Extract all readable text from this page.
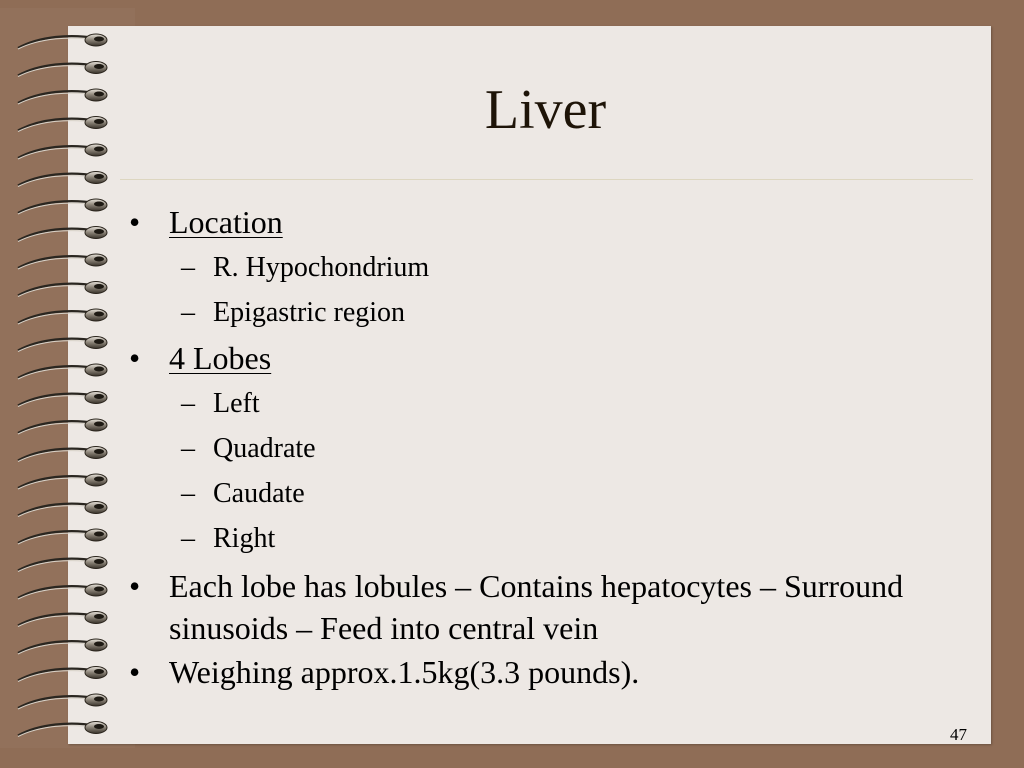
Liver
• Location
– R. Hypochondrium
– Epigastric region
• 4 Lobes
– Left
– Quadrate
– Caudate
– Right
• Each lobe has lobules – Contains hepatocytes – Surround sinusoids – Feed into central vein
• Weighing approx.1.5kg(3.3 pounds).
47
